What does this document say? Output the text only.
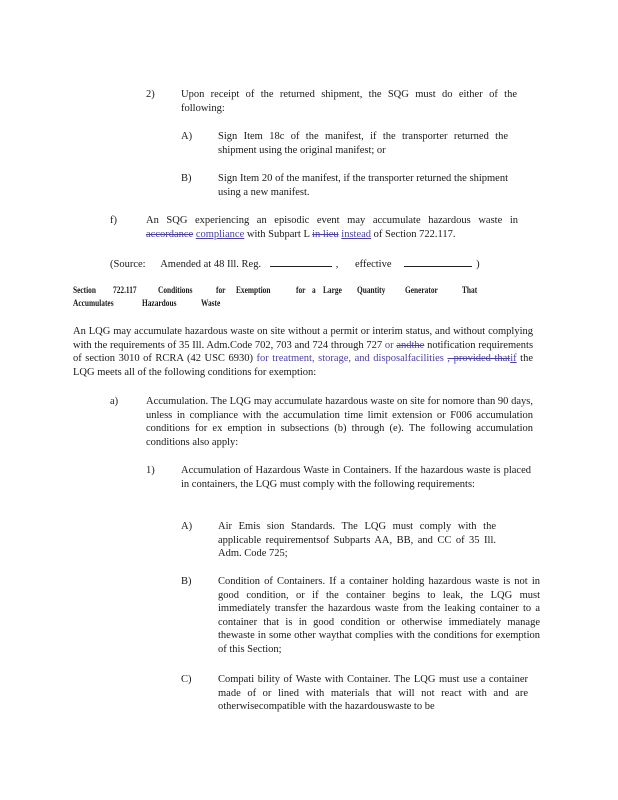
2)	Upon receipt of the returned shipment, the SQG must do either of the following:
A) Sign Item 18c of the manifest, if the transporter returned the shipment using the original manifest; or
B)	Sign Item 20 of the manifest, if the transporter returned the shipment using a new manifest.
f)	An SQG experiencing an episodic event may accumulate hazardous waste in accordance compliance with Subpart L in lieu instead of Section 722.117.
(Source: Amended at 48 Ill. Reg.	, effective	)
Section 722.117 Conditions	for Exemption	for a Large Quantity Generator	That
Accumulates	Hazardous	Waste
An LQG may accumulate hazardous waste on site without a permit or interim status, and without complying with the requirements of 35 Ill. Adm.Code 702, 703 and 724 through 727 or andthe notification requirements of section 3010 of RCRA (42 USC 6930) for treatment, storage, and disposalfacilities , provided thatif the LQG meets all of the following conditions for exemption:
a)	Accumulation. The LQG may accumulate hazardous waste on site for nomore than 90 days, unless in compliance with the accumulation time limit extension or F006 accumulation conditions for ex emption in subsections (b) through (e). The following accumulation conditions also apply:
1)	Accumulation of Hazardous Waste in Containers. If the hazardous waste is placed in containers, the LQG must comply with the following requirements:
A) Air Emis sion Standards. The LQG must comply with the applicable requirementsof Subparts AA, BB, and CC of 35 Ill. Adm. Code 725;
B)	Condition of Containers. If a container holding hazardous waste is not in good condition, or if the container begins to leak, the LQG must immediately transfer the hazardous waste from the leaking container to a container that is in good condition or otherwise immediately manage thewaste in some other waythat complies with the conditions for exemption of this Section;
C)	Compati bility of Waste with Container. The LQG must use a container made of or lined with materials that will not react with and are otherwisecompatible with the hazardouswaste to be
